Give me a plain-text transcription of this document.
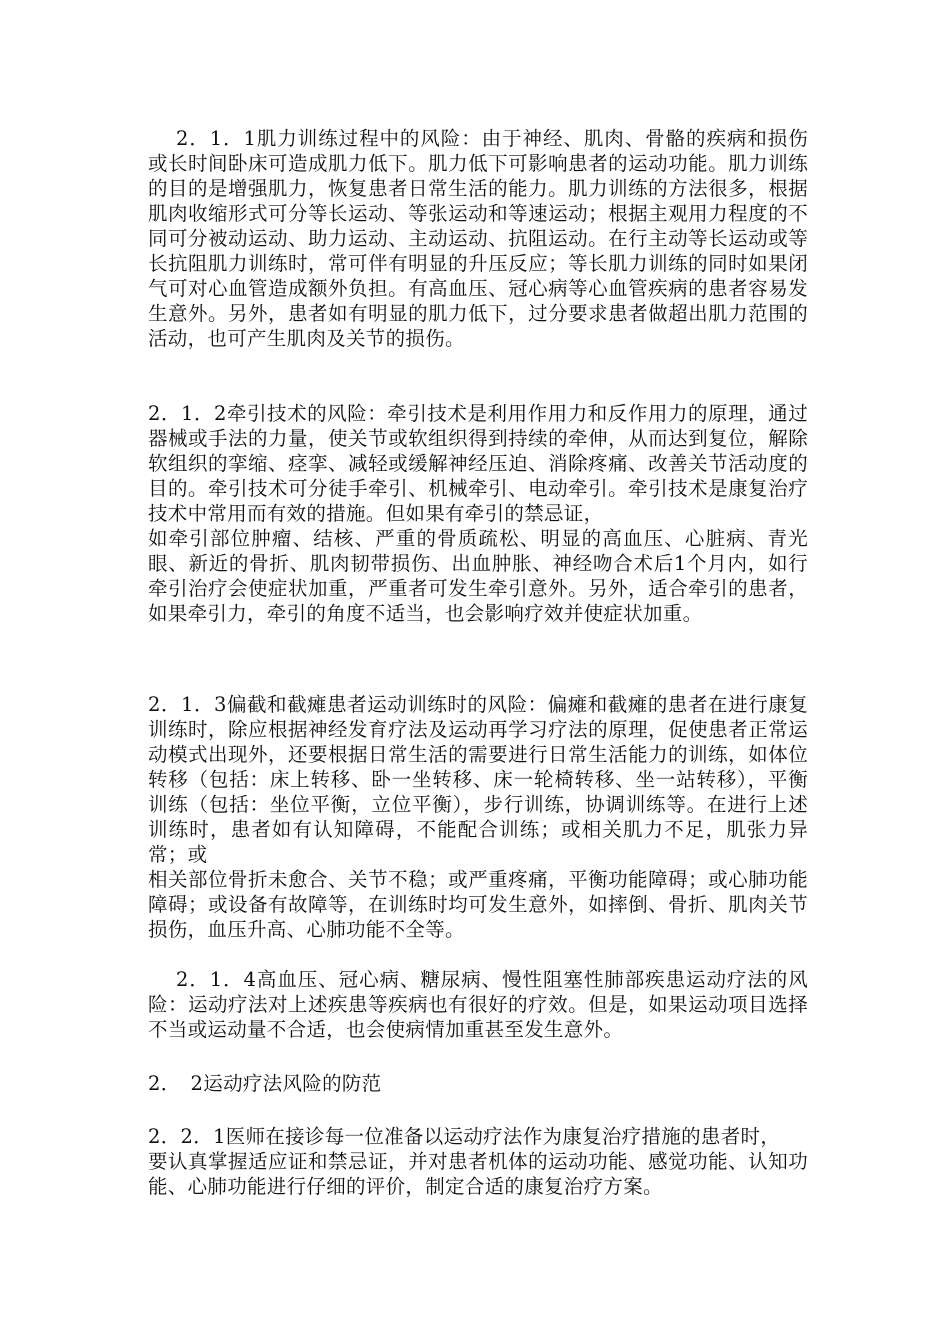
2．1．1肌力训练过程中的风险：由于神经、肌肉、骨骼的疾病和损伤或长时间卧床可造成肌力低下。肌力低下可影响患者的运动功能。肌力训练的目的是增强肌力，恢复患者日常生活的能力。肌力训练的方法很多，根据肌肉收缩形式可分等长运动、等张运动和等速运动；根据主观用力程度的不同可分被动运动、助力运动、主动运动、抗阻运动。在行主动等长运动或等长抗阻肌力训练时，常可伴有明显的升压反应；等长肌力训练的同时如果闭气可对心血管造成额外负担。有高血压、冠心病等心血管疾病的患者容易发生意外。另外，患者如有明显的肌力低下，过分要求患者做超出肌力范围的活动，也可产生肌肉及关节的损伤。
2．1．2牵引技术的风险：牵引技术是利用作用力和反作用力的原理，通过器械或手法的力量，使关节或软组织得到持续的牵伸，从而达到复位，解除软组织的挛缩、痉挛、减轻或缓解神经压迫、消除疼痛、改善关节活动度的目的。牵引技术可分徒手牵引、机械牵引、电动牵引。牵引技术是康复治疗技术中常用而有效的措施。但如果有牵引的禁忌证，
如牵引部位肿瘤、结核、严重的骨质疏松、明显的高血压、心脏病、青光眼、新近的骨折、肌肉韧带损伤、出血肿胀、神经吻合术后1个月内，如行牵引治疗会使症状加重，严重者可发生牵引意外。另外，适合牵引的患者，如果牵引力，牵引的角度不适当，也会影响疗效并使症状加重。
2．1．3偏截和截瘫患者运动训练时的风险：偏瘫和截瘫的患者在进行康复训练时，除应根据神经发育疗法及运动再学习疗法的原理，促使患者正常运动模式出现外，还要根据日常生活的需要进行日常生活能力的训练，如体位转移（包括：床上转移、卧一坐转移、床一轮椅转移、坐一站转移），平衡训练（包括：坐位平衡，立位平衡），步行训练，协调训练等。在进行上述训练时，患者如有认知障碍，不能配合训练；或相关肌力不足，肌张力异常；或
相关部位骨折未愈合、关节不稳；或严重疼痛，平衡功能障碍；或心肺功能障碍；或设备有故障等，在训练时均可发生意外，如摔倒、骨折、肌肉关节损伤，血压升高、心肺功能不全等。
2．1．4高血压、冠心病、糖尿病、慢性阻塞性肺部疾患运动疗法的风险：运动疗法对上述疾患等疾病也有很好的疗效。但是，如果运动项目选择不当或运动量不合适，也会使病情加重甚至发生意外。
2．　2运动疗法风险的防范
2．2．1医师在接诊每一位准备以运动疗法作为康复治疗措施的患者时，
要认真掌握适应证和禁忌证，并对患者机体的运动功能、感觉功能、认知功能、心肺功能进行仔细的评价，制定合适的康复治疗方案。
